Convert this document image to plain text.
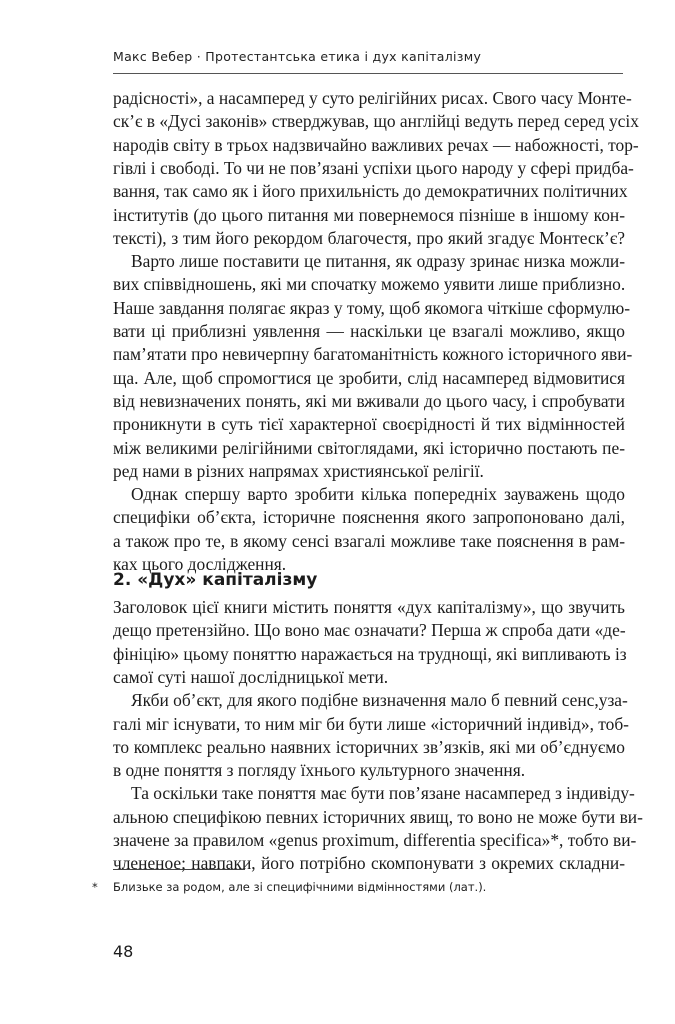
Макс Вебер · Протестантська етика і дух капіталізму
радісності», а насамперед у суто релігійних рисах. Свого часу Монте-
скʼє в «Дусі законів» стверджував, що англійці ведуть перед серед усіх
народів світу в трьох надзвичайно важливих речах — набожності, тор-
гівлі і свободі. То чи не повʼязані успіхи цього народу у сфері придба-
вання, так само як і його прихильність до демократичних політичних
інститутів (до цього питання ми повернемося пізніше в іншому кон-
тексті), з тим його рекордом благочестя, про який згадує Монтескʼє?
Варто лише поставити це питання, як одразу зринає низка можли-
вих співвідношень, які ми спочатку можемо уявити лише приблизно.
Наше завдання полягає якраз у тому, щоб якомога чіткіше сформулю-
вати ці приблизні уявлення — наскільки це взагалі можливо, якщо
памʼятати про невичерпну багатоманітність кожного історичного яви-
ща. Але, щоб спромогтися це зробити, слід насамперед відмовитися
від невизначених понять, які ми вживали до цього часу, і спробувати
проникнути в суть тієї характерної своєрідності й тих відмінностей
між великими релігійними світоглядами, які історично постають пе-
ред нами в різних напрямах християнської релігії.
Однак спершу варто зробити кілька попередніх зауважень щодо
специфіки обʼєкта, історичне пояснення якого запропоновано далі,
а також про те, в якому сенсі взагалі можливе таке пояснення в рам-
ках цього дослідження.
2. «Дух» капіталізму
Заголовок цієї книги містить поняття «дух капіталізму», що звучить
дещо претензійно. Що воно має означати? Перша ж спроба дати «де-
фініцію» цьому поняттю наражається на труднощі, які випливають із
самої суті нашої дослідницької мети.
Якби обʼєкт, для якого подібне визначення мало б певний сенс,уза-
галі міг існувати, то ним міг би бути лише «історичний індивід», тоб-
то комплекс реально наявних історичних звʼязків, які ми обʼєднуємо
в одне поняття з погляду їхнього культурного значення.
Та оскільки таке поняття має бути повʼязане насамперед з індивіду-
альною специфікою певних історичних явищ, то воно не може бути ви-
значене за правилом «genus proximum, differentia specifica»*, тобто ви-
члененое; навпаки, його потрібно скомпонувати з окремих складни-
* Близьке за родом, але зі специфічними відмінностями (лат.).
48
